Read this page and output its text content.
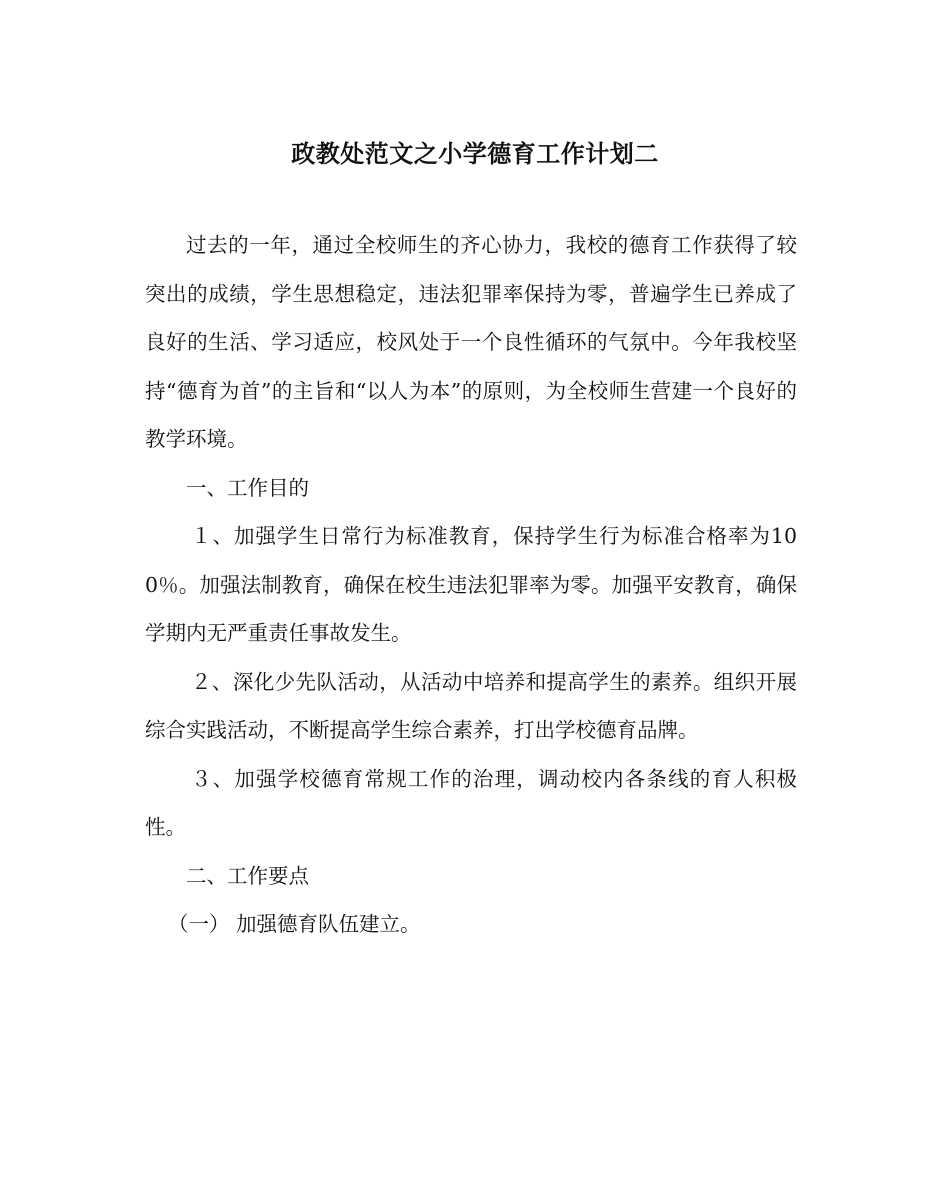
政教处范文之小学德育工作计划二

过去的一年，通过全校师生的齐心协力，我校的德育工作获得了较突出的成绩，学生思想稳定，违法犯罪率保持为零，普遍学生已养成了良好的生活、学习适应，校风处于一个良性循环的气氛中。今年我校坚持“德育为首”的主旨和“以人为本”的原则，为全校师生营建一个良好的教学环境。

一、工作目的

１、加强学生日常行为标准教育，保持学生行为标准合格率为100％。加强法制教育，确保在校生违法犯罪率为零。加强平安教育，确保学期内无严重责任事故发生。

２、深化少先队活动，从活动中培养和提高学生的素养。组织开展综合实践活动，不断提高学生综合素养，打出学校德育品牌。

３、加强学校德育常规工作的治理，调动校内各条线的育人积极性。

二、工作要点

（一） 加强德育队伍建立。
